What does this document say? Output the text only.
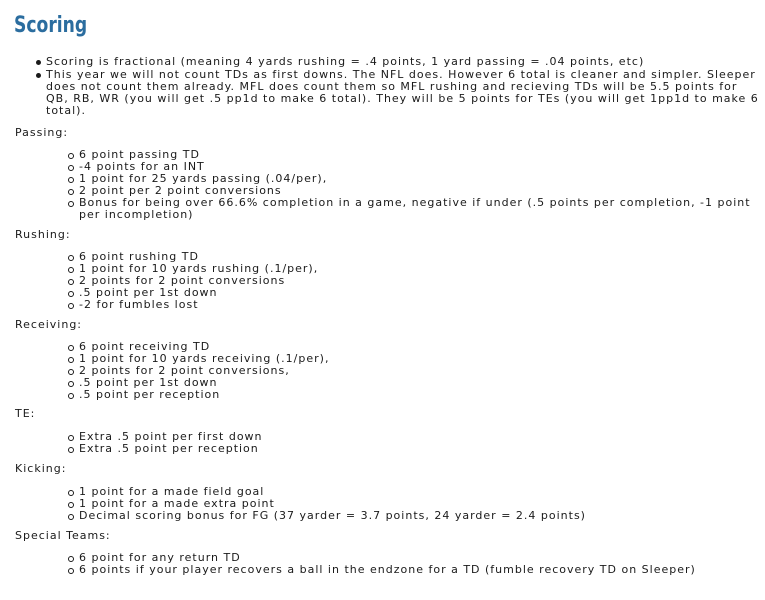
Scoring
Scoring is fractional (meaning 4 yards rushing = .4 points, 1 yard passing = .04 points, etc)
This year we will not count TDs as first downs. The NFL does. However 6 total is cleaner and simpler. Sleeper does not count them already. MFL does count them so MFL rushing and recieving TDs will be 5.5 points for QB, RB, WR (you will get .5 pp1d to make 6 total). They will be 5 points for TEs (you will get 1pp1d to make 6 total).

Passing:

6 point passing TD
-4 points for an INT
1 point for 25 yards passing (.04/per),
2 point per 2 point conversions
Bonus for being over 66.6% completion in a game, negative if under (.5 points per completion, -1 point per incompletion)

Rushing:

6 point rushing TD
1 point for 10 yards rushing (.1/per),
2 points for 2 point conversions
.5 point per 1st down
-2 for fumbles lost

Receiving:

6 point receiving TD
1 point for 10 yards receiving (.1/per),
2 points for 2 point conversions,
.5 point per 1st down
.5 point per reception

TE:

Extra .5 point per first down
Extra .5 point per reception

Kicking:

1 point for a made field goal
1 point for a made extra point
Decimal scoring bonus for FG (37 yarder = 3.7 points, 24 yarder = 2.4 points)

Special Teams:

6 point for any return TD
6 points if your player recovers a ball in the endzone for a TD (fumble recovery TD on Sleeper)
